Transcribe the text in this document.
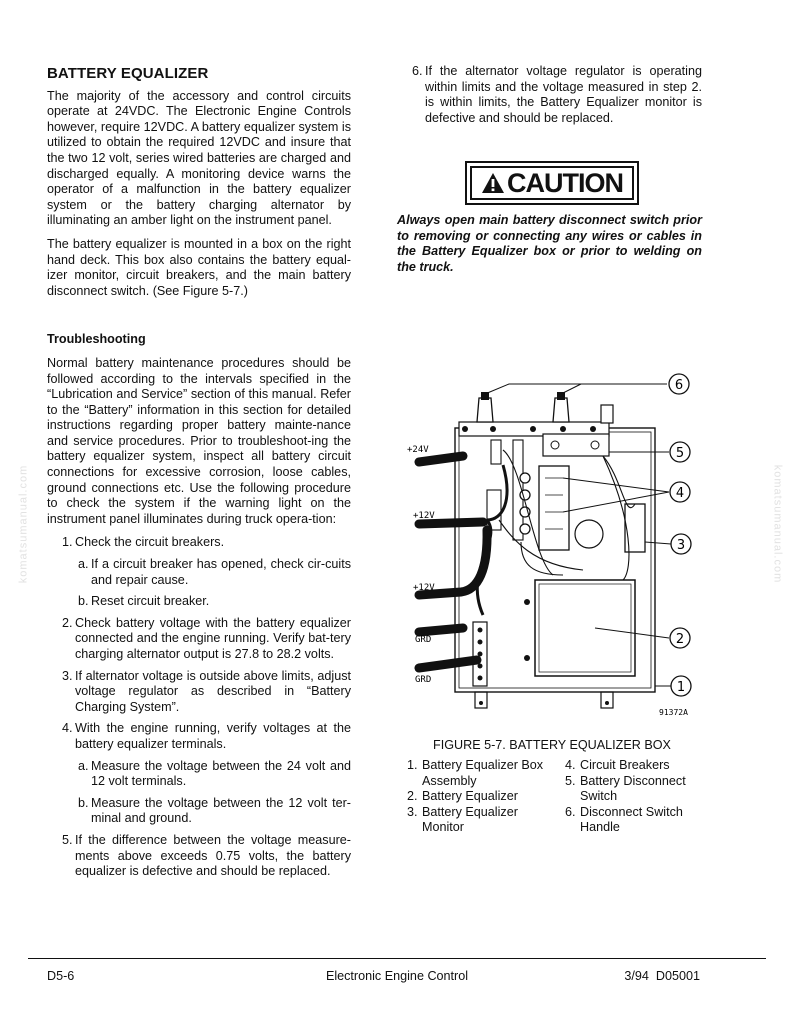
BATTERY EQUALIZER

The majority of the accessory and control circuits operate at 24VDC. The Electronic Engine Controls however, require 12VDC. A battery equalizer system is utilized to obtain the required 12VDC and insure that the two 12 volt, series wired batteries are charged and discharged equally. A monitoring device warns the operator of a malfunction in the battery equalizer system or the battery charging alternator by illuminating an amber light on the instrument panel.

The battery equalizer is mounted in a box on the right hand deck. This box also contains the battery equal-izer monitor, circuit breakers, and the main battery disconnect switch. (See Figure 5-7.)

Troubleshooting

Normal battery maintenance procedures should be followed according to the intervals specified in the “Lubrication and Service” section of this manual. Refer to the “Battery” information in this section for detailed instructions regarding proper battery mainte-nance and service procedures. Prior to troubleshoot-ing the battery equalizer system, inspect all battery circuit connections for excessive corrosion, loose cables, ground connections etc. Use the following procedure to check the system if the warning light on the instrument panel illuminates during truck opera-tion:

1. Check the circuit breakers.
a. If a circuit breaker has opened, check cir-cuits and repair cause.
b. Reset circuit breaker.
2. Check battery voltage with the battery equalizer connected and the engine running. Verify bat-tery charging alternator output is 27.8 to 28.2 volts.
3. If alternator voltage is outside above limits, adjust voltage regulator as described in “Battery Charging System”.
4. With the engine running, verify voltages at the battery equalizer terminals.
a. Measure the voltage between the 24 volt and 12 volt terminals.
b. Measure the voltage between the 12 volt ter-minal and ground.
5. If the difference between the voltage measure-ments above exceeds 0.75 volts, the battery equalizer is defective and should be replaced.
6. If the alternator voltage regulator is operating within limits and the voltage measured in step 2. is within limits, the Battery Equalizer monitor is defective and should be replaced.
CAUTION
Always open main battery disconnect switch prior to removing or connecting any wires or cables in the Battery Equalizer box or prior to welding on the truck.
+24V
+12V
+12V
GRD
GRD
91372A
6
5
4
3
2
1
FIGURE 5-7. BATTERY EQUALIZER BOX
1. Battery Equalizer Box Assembly
2. Battery Equalizer
3. Battery Equalizer Monitor
4. Circuit Breakers
5. Battery Disconnect Switch
6. Disconnect Switch Handle
komatsumanual.com	komatsumanual.com
D5-6	Electronic Engine Control	3/94  D05001
